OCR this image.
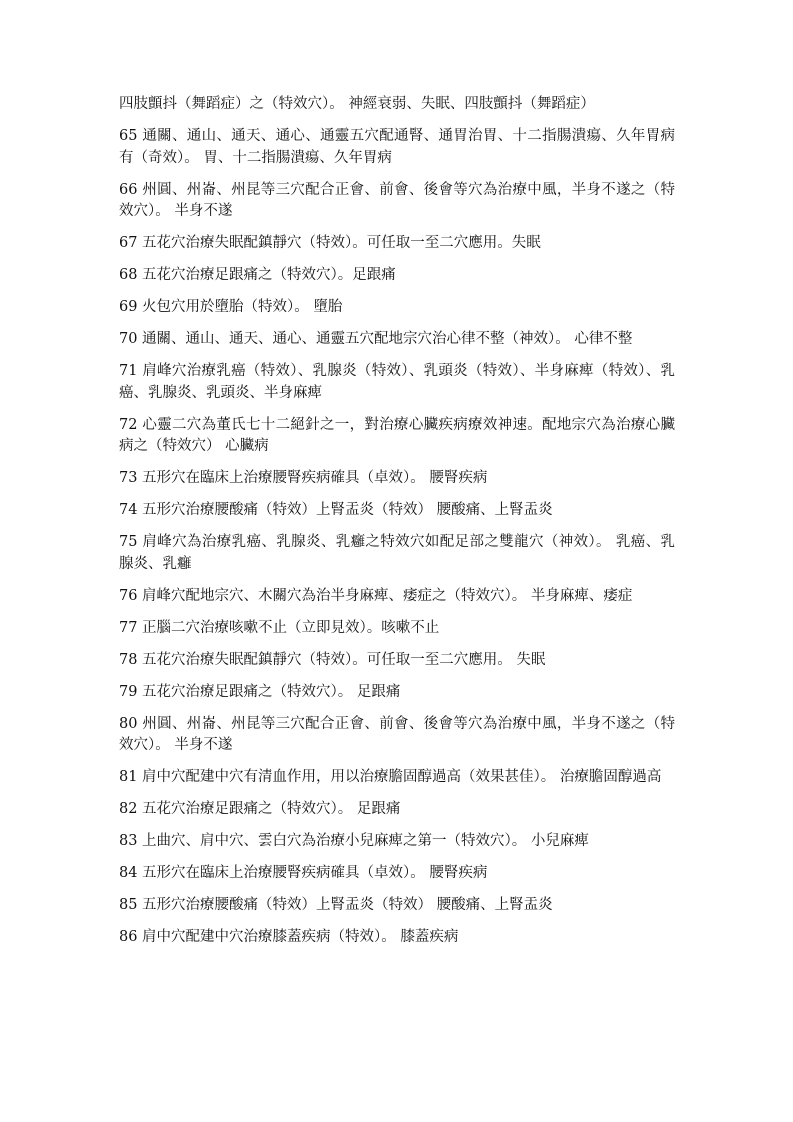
四肢顫抖（舞蹈症）之（特效穴）。 神經衰弱、失眠、四肢顫抖（舞蹈症）

65 通關、通山、通天、通心、通靈五穴配通腎、通胃治胃、十二指腸潰瘍、久年胃病有（奇效）。 胃、十二指腸潰瘍、久年胃病

66 州圓、州崙、州昆等三穴配合正會、前會、後會等穴為治療中風，半身不遂之（特效穴）。 半身不遂

67 五花穴治療失眠配鎮靜穴（特效）。可任取一至二穴應用。失眠

68 五花穴治療足跟痛之（特效穴）。足跟痛

69 火包穴用於墮胎（特效）。 墮胎

70 通關、通山、通天、通心、通靈五穴配地宗穴治心律不整（神效）。 心律不整

71 肩峰穴治療乳癌（特效）、乳腺炎（特效）、乳頭炎（特效）、半身麻痺（特效）、乳癌、乳腺炎、乳頭炎、半身麻痺

72 心靈二穴為董氏七十二絕針之一，對治療心臟疾病療效神速。配地宗穴為治療心臟病之（特效穴） 心臟病

73 五形穴在臨床上治療腰腎疾病確具（卓效）。 腰腎疾病

74 五形穴治療腰酸痛（特效）上腎盂炎（特效） 腰酸痛、上腎盂炎

75 肩峰穴為治療乳癌、乳腺炎、乳癰之特效穴如配足部之雙龍穴（神效）。 乳癌、乳腺炎、乳癰

76 肩峰穴配地宗穴、木關穴為治半身麻痺、痿症之（特效穴）。 半身麻痺、痿症

77 正腦二穴治療咳嗽不止（立即見效）。咳嗽不止

78 五花穴治療失眠配鎮靜穴（特效）。可任取一至二穴應用。 失眠

79 五花穴治療足跟痛之（特效穴）。 足跟痛

80 州圓、州崙、州昆等三穴配合正會、前會、後會等穴為治療中風，半身不遂之（特效穴）。 半身不遂

81 肩中穴配建中穴有清血作用，用以治療膽固醇過高（效果甚佳）。 治療膽固醇過高

82 五花穴治療足跟痛之（特效穴）。 足跟痛

83 上曲穴、肩中穴、雲白穴為治療小兒麻痺之第一（特效穴）。 小兒麻痺

84 五形穴在臨床上治療腰腎疾病確具（卓效）。 腰腎疾病

85 五形穴治療腰酸痛（特效）上腎盂炎（特效） 腰酸痛、上腎盂炎

86 肩中穴配建中穴治療膝蓋疾病（特效）。 膝蓋疾病
